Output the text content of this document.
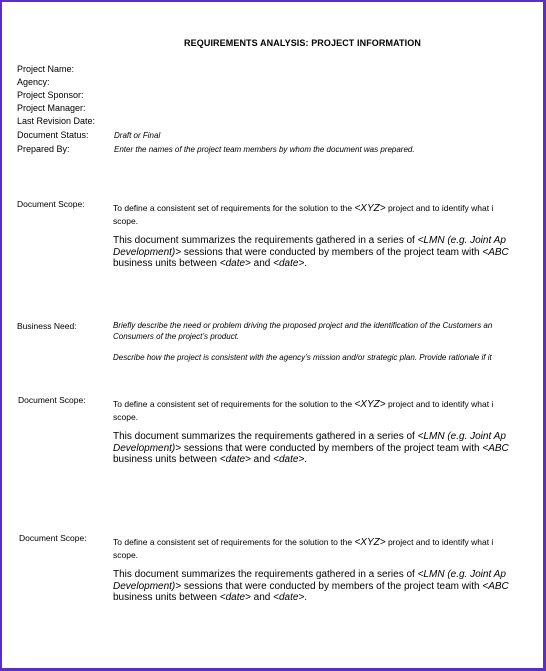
REQUIREMENTS ANALYSIS: PROJECT INFORMATION
Project Name:
Agency:
Project Sponsor:
Project Manager:
Last Revision Date:
Document Status:	Draft or Final
Prepared By:	Enter the names of the project team members by whom the document was prepared.
Document Scope:	To define a consistent set of requirements for the solution to the <XYZ> project and to identify what i
scope.

This document summarizes the requirements gathered in a series of <LMN (e.g. Joint Ap
Development)> sessions that were conducted by members of the project team with <ABC
business units between <date> and <date>.

Business Need:	Briefly describe the need or problem driving the proposed project and the identification of the Customers an
Consumers of the project’s product.

Describe how the project is consistent with the agency’s mission and/or strategic plan. Provide rationale if it

Document Scope:	To define a consistent set of requirements for the solution to the <XYZ> project and to identify what i
scope.

This document summarizes the requirements gathered in a series of <LMN (e.g. Joint Ap
Development)> sessions that were conducted by members of the project team with <ABC
business units between <date> and <date>.

Document Scope:	To define a consistent set of requirements for the solution to the <XYZ> project and to identify what i
scope.

This document summarizes the requirements gathered in a series of <LMN (e.g. Joint Ap
Development)> sessions that were conducted by members of the project team with <ABC
business units between <date> and <date>.
